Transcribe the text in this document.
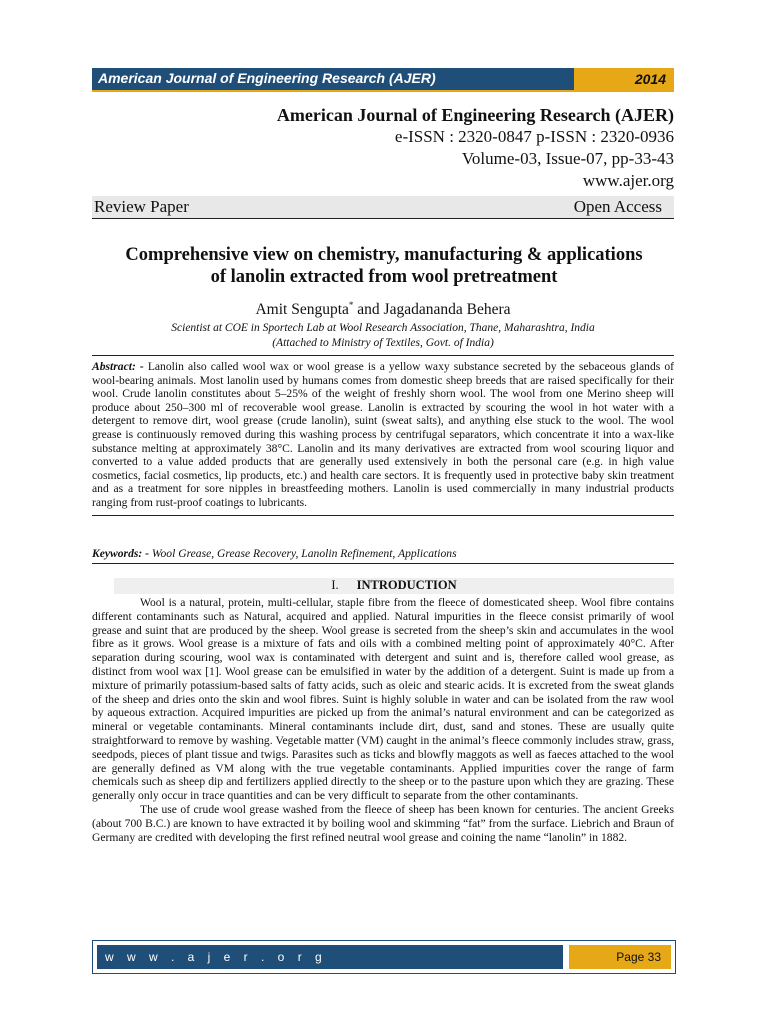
American Journal of Engineering Research (AJER)	2014
American Journal of Engineering Research (AJER)
e-ISSN : 2320-0847 p-ISSN : 2320-0936
Volume-03, Issue-07, pp-33-43
www.ajer.org
Review Paper	Open Access
Comprehensive view on chemistry, manufacturing & applications
of lanolin extracted from wool pretreatment
Amit Sengupta* and Jagadananda Behera
Scientist at COE in Sportech Lab at Wool Research Association, Thane, Maharashtra, India
(Attached to Ministry of Textiles, Govt. of India)
Abstract: - Lanolin also called wool wax or wool grease is a yellow waxy substance secreted by the sebaceous glands of wool-bearing animals. Most lanolin used by humans comes from domestic sheep breeds that are raised specifically for their wool. Crude lanolin constitutes about 5–25% of the weight of freshly shorn wool. The wool from one Merino sheep will produce about 250–300 ml of recoverable wool grease. Lanolin is extracted by scouring the wool in hot water with a detergent to remove dirt, wool grease (crude lanolin), suint (sweat salts), and anything else stuck to the wool. The wool grease is continuously removed during this washing process by centrifugal separators, which concentrate it into a wax-like substance melting at approximately 38°C. Lanolin and its many derivatives are extracted from wool scouring liquor and converted to a value added products that are generally used extensively in both the personal care (e.g. in high value cosmetics, facial cosmetics, lip products, etc.) and health care sectors. It is frequently used in protective baby skin treatment and as a treatment for sore nipples in breastfeeding mothers. Lanolin is used commercially in many industrial products ranging from rust-proof coatings to lubricants.
Keywords: - Wool Grease, Grease Recovery, Lanolin Refinement, Applications
I. INTRODUCTION

Wool is a natural, protein, multi-cellular, staple fibre from the fleece of domesticated sheep. Wool fibre contains different contaminants such as Natural, acquired and applied. Natural impurities in the fleece consist primarily of wool grease and suint that are produced by the sheep. Wool grease is secreted from the sheep’s skin and accumulates in the wool fibre as it grows. Wool grease is a mixture of fats and oils with a combined melting point of approximately 40°C. After separation during scouring, wool wax is contaminated with detergent and suint and is, therefore called wool grease, as distinct from wool wax [1]. Wool grease can be emulsified in water by the addition of a detergent. Suint is made up from a mixture of primarily potassium-based salts of fatty acids, such as oleic and stearic acids. It is excreted from the sweat glands of the sheep and dries onto the skin and wool fibres. Suint is highly soluble in water and can be isolated from the raw wool by aqueous extraction. Acquired impurities are picked up from the animal’s natural environment and can be categorized as mineral or vegetable contaminants. Mineral contaminants include dirt, dust, sand and stones. These are usually quite straightforward to remove by washing. Vegetable matter (VM) caught in the animal’s fleece commonly includes straw, grass, seedpods, pieces of plant tissue and twigs. Parasites such as ticks and blowfly maggots as well as faeces attached to the wool are generally defined as VM along with the true vegetable contaminants. Applied impurities cover the range of farm chemicals such as sheep dip and fertilizers applied directly to the sheep or to the pasture upon which they are grazing. These generally only occur in trace quantities and can be very difficult to separate from the other contaminants.

The use of crude wool grease washed from the fleece of sheep has been known for centuries. The ancient Greeks (about 700 B.C.) are known to have extracted it by boiling wool and skimming “fat” from the surface. Liebrich and Braun of Germany are credited with developing the first refined neutral wool grease and coining the name “lanolin” in 1882.

w w w . a j e r . o r g	Page 33
